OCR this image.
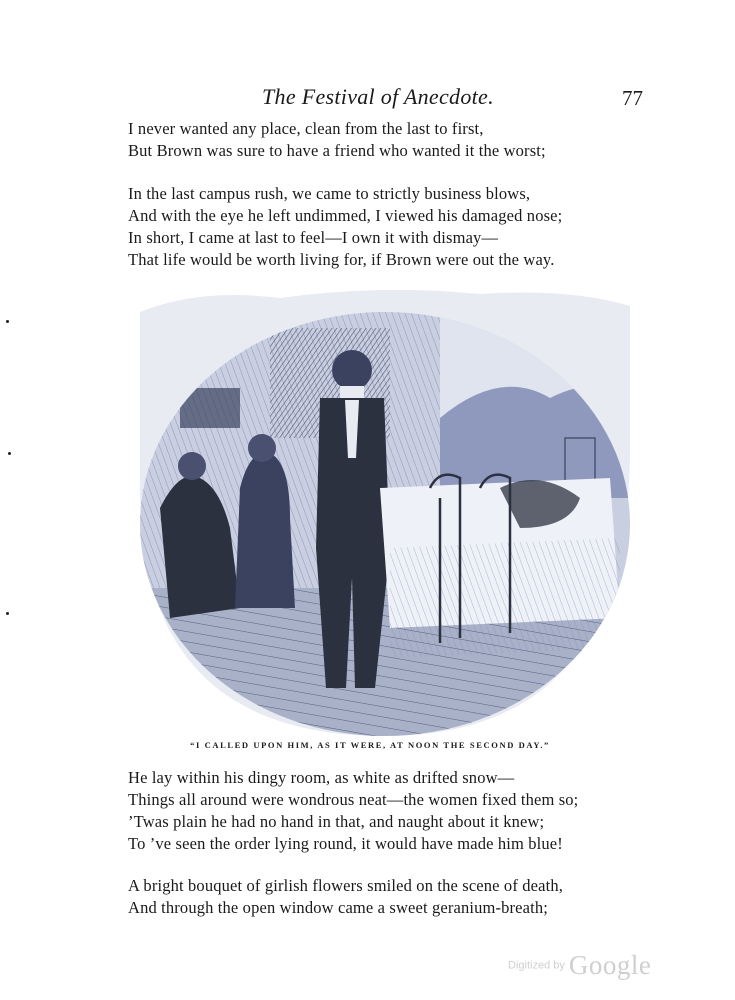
The Festival of Anecdote.	77
I never wanted any place, clean from the last to first,
But Brown was sure to have a friend who wanted it the worst;
In the last campus rush, we came to strictly business blows,
And with the eye he left undimmed, I viewed his damaged nose;
In short, I came at last to feel—I own it with dismay—
That life would be worth living for, if Brown were out the way.
“I CALLED UPON HIM, AS IT WERE, AT NOON THE SECOND DAY.”
He lay within his dingy room, as white as drifted snow—
Things all around were wondrous neat—the women fixed them so;
’Twas plain he had no hand in that, and naught about it knew;
To ’ve seen the order lying round, it would have made him blue!
A bright bouquet of girlish flowers smiled on the scene of death,
And through the open window came a sweet geranium-breath;
Digitized by Google
